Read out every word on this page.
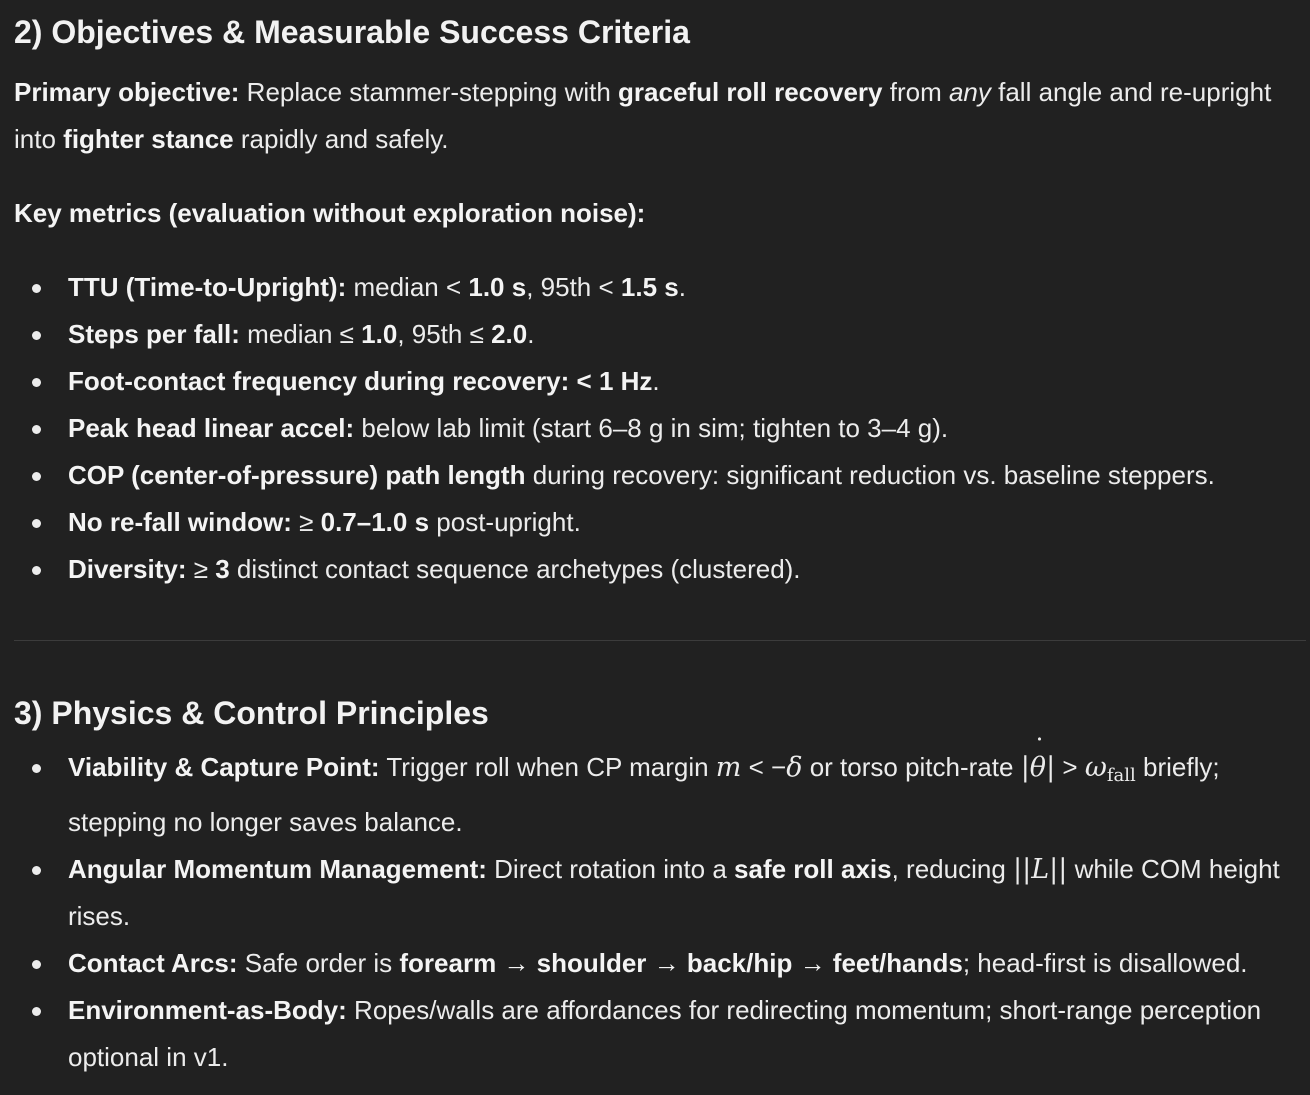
2) Objectives & Measurable Success Criteria

Primary objective: Replace stammer-stepping with graceful roll recovery from any fall angle and re-upright into fighter stance rapidly and safely.

Key metrics (evaluation without exploration noise):

TTU (Time-to-Upright): median < 1.0 s, 95th < 1.5 s.
Steps per fall: median ≤ 1.0, 95th ≤ 2.0.
Foot-contact frequency during recovery: < 1 Hz.
Peak head linear accel: below lab limit (start 6–8 g in sim; tighten to 3–4 g).
COP (center-of-pressure) path length during recovery: significant reduction vs. baseline steppers.
No re-fall window: ≥ 0.7–1.0 s post-upright.
Diversity: ≥ 3 distinct contact sequence archetypes (clustered).
3) Physics & Control Principles
Viability & Capture Point: Trigger roll when CP margin m < −δ or torso pitch-rate |θ ˙| > $\omega_{fall}$ briefly; stepping no longer saves balance.
Angular Momentum Management: Direct rotation into a safe roll axis, reducing ||L|| while COM height rises.
Contact Arcs: Safe order is forearm → shoulder → back/hip → feet/hands; head-first is disallowed.
Environment-as-Body: Ropes/walls are affordances for redirecting momentum; short-range perception optional in v1.
